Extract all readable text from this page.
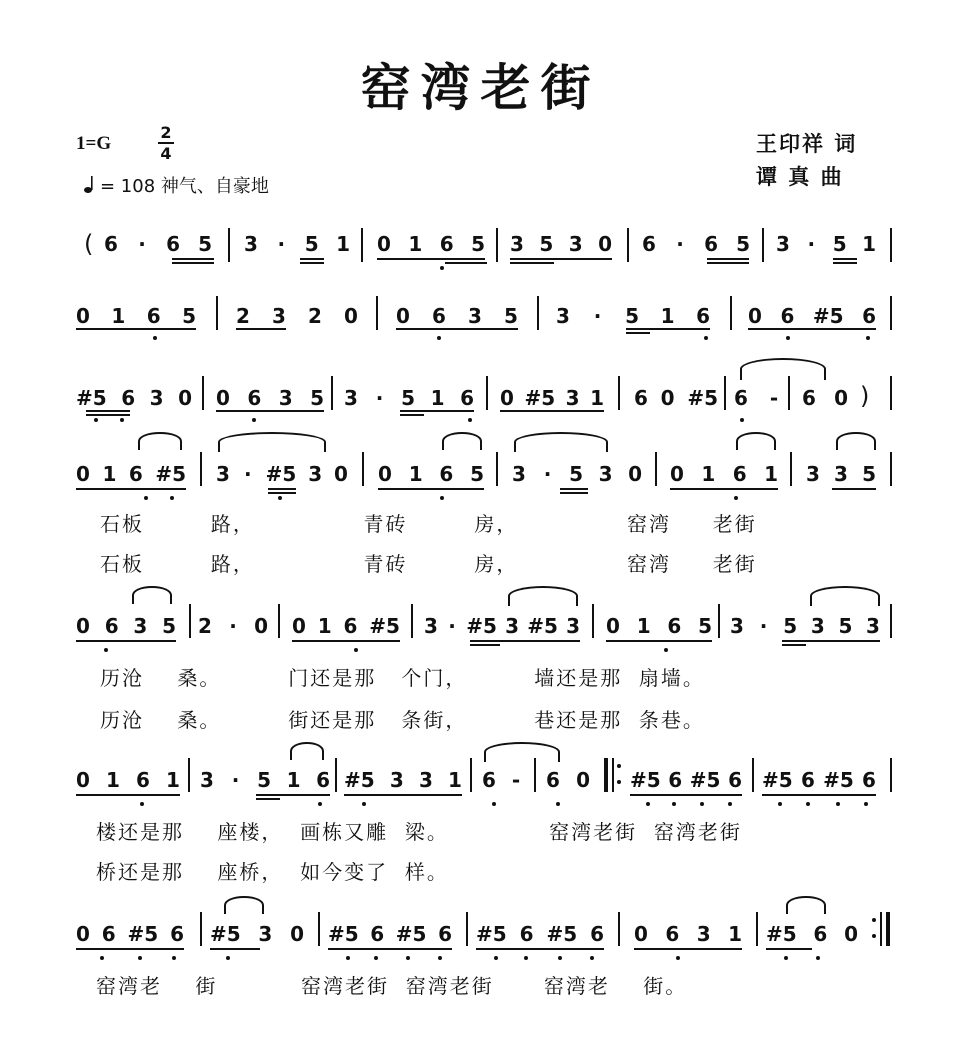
窑湾老街
1=G
2
4
= 108 神气、自豪地
王印祥 词
谭 真 曲
( 6 · 6 5 3 · 5 1 0 1 6 5 3 5 3 0 6 · 6 5 3 · 5 1
0 1 6 5 2 3 2 0 0 6 3 5 3 · 5 1 6 0 6 #5 6
#5 6 3 0 0 6 3 5 3 · 5 1 6 0 #5 3 1 6 0 #5 6 - 6 0 )
0 1 6 #5 3 · #5 3 0 0 1 6 5 3 · 5 3 0 0 1 6 1 3 3 5
石板        路，             青砖        房，             窑湾     老街
石板        路，             青砖        房，             窑湾     老街
0 6 3 5 2 · 0 0 1 6 #5 3 · #5 3 #5 3 0 1 6 5 3 · 5 3 5 3
历沧    桑。        门还是那   个门，        墙还是那  扇墙。
历沧    桑。        街还是那   条街，        巷还是那  条巷。
0 1 6 1 3 · 5 1 6 #5 3 3 1 6 - 6 0 #5 6 #5 6 #5 6 #5 6
楼还是那    座楼，  画栋又雕  梁。            窑湾老街  窑湾老街
桥还是那    座桥，  如今变了  样。
0 6 #5 6 #5 3 0 #5 6 #5 6 #5 6 #5 6 0 6 3 1 #5 6 0
窑湾老    街          窑湾老街  窑湾老街      窑湾老    街。
